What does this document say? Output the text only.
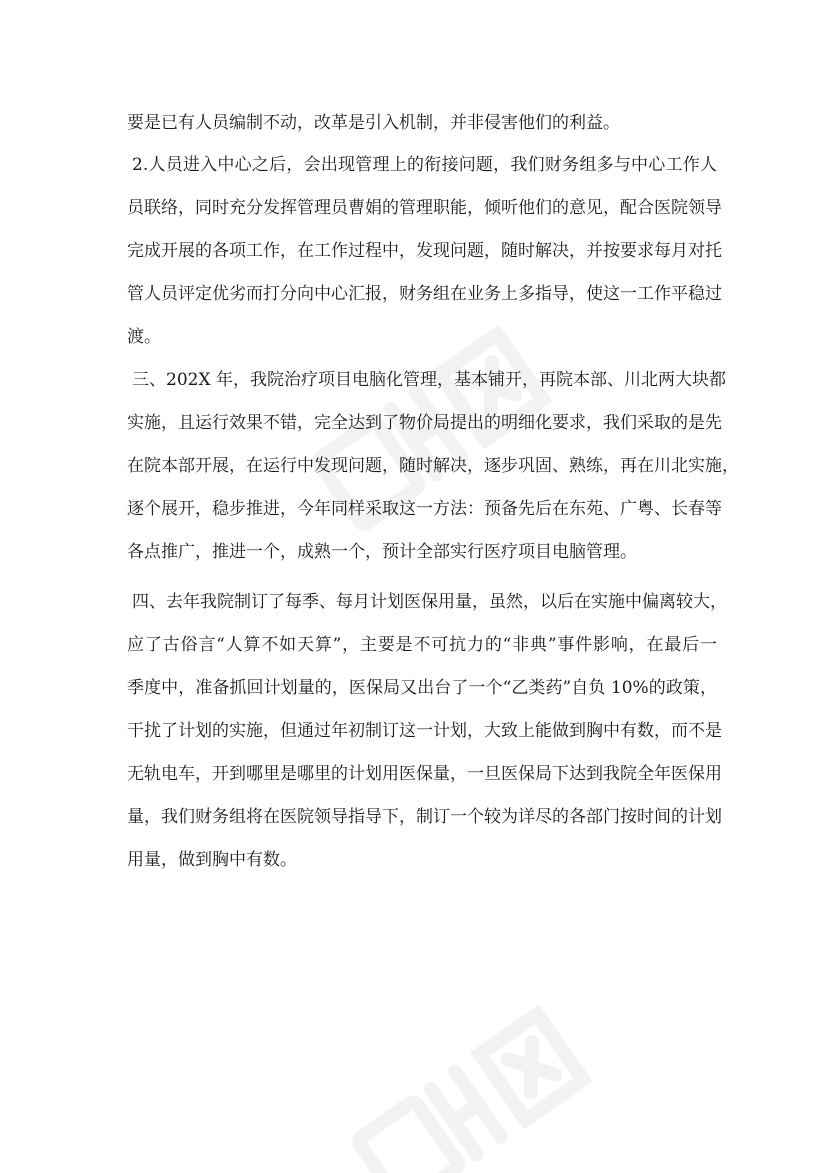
要是已有人员编制不动，改革是引入机制，并非侵害他们的利益。
2.人员进入中心之后，会出现管理上的衔接问题，我们财务组多与中心工作人
员联络，同时充分发挥管理员曹娟的管理职能，倾听他们的意见，配合医院领导
完成开展的各项工作，在工作过程中，发现问题，随时解决，并按要求每月对托
管人员评定优劣而打分向中心汇报，财务组在业务上多指导，使这一工作平稳过
渡。
三、202X 年，我院治疗项目电脑化管理，基本铺开，再院本部、川北两大块都
实施，且运行效果不错，完全达到了物价局提出的明细化要求，我们采取的是先
在院本部开展，在运行中发现问题，随时解决，逐步巩固、熟练，再在川北实施，
逐个展开，稳步推进，今年同样采取这一方法：预备先后在东苑、广粤、长春等
各点推广，推进一个，成熟一个，预计全部实行医疗项目电脑管理。
四、去年我院制订了每季、每月计划医保用量，虽然，以后在实施中偏离较大，
应了古俗言“人算不如天算”，主要是不可抗力的“非典”事件影响，在最后一
季度中，准备抓回计划量的，医保局又出台了一个“乙类药”自负 10%的政策，
干扰了计划的实施，但通过年初制订这一计划，大致上能做到胸中有数，而不是
无轨电车，开到哪里是哪里的计划用医保量，一旦医保局下达到我院全年医保用
量，我们财务组将在医院领导指导下，制订一个较为详尽的各部门按时间的计划
用量，做到胸中有数。
